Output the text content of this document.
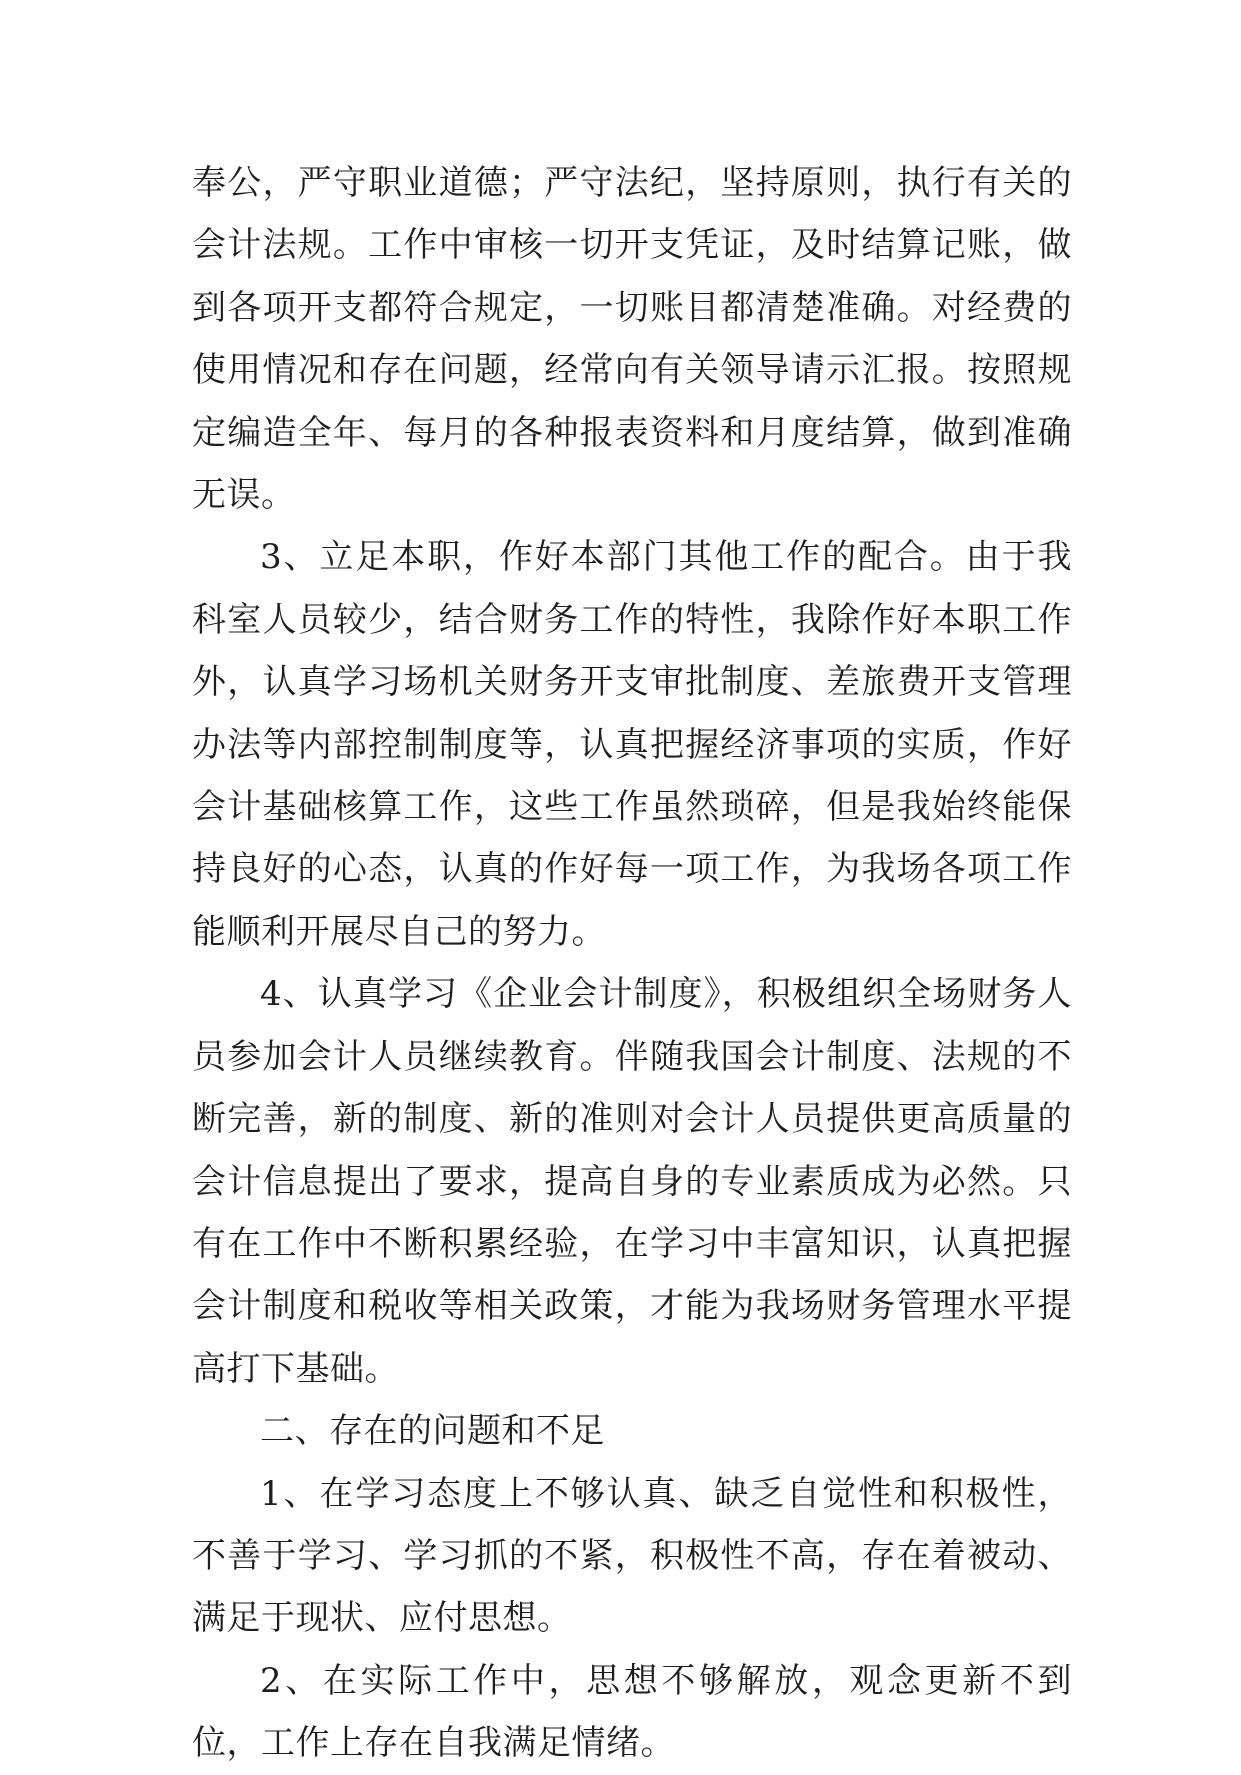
奉公，严守职业道德；严守法纪，坚持原则，执行有关的会计法规。工作中审核一切开支凭证，及时结算记账，做到各项开支都符合规定，一切账目都清楚准确。对经费的使用情况和存在问题，经常向有关领导请示汇报。按照规定编造全年、每月的各种报表资料和月度结算，做到准确无误。

3、立足本职，作好本部门其他工作的配合。由于我科室人员较少，结合财务工作的特性，我除作好本职工作外，认真学习场机关财务开支审批制度、差旅费开支管理办法等内部控制制度等，认真把握经济事项的实质，作好会计基础核算工作，这些工作虽然琐碎，但是我始终能保持良好的心态，认真的作好每一项工作，为我场各项工作能顺利开展尽自己的努力。

4、认真学习《企业会计制度》，积极组织全场财务人员参加会计人员继续教育。伴随我国会计制度、法规的不断完善，新的制度、新的准则对会计人员提供更高质量的会计信息提出了要求，提高自身的专业素质成为必然。只有在工作中不断积累经验，在学习中丰富知识，认真把握会计制度和税收等相关政策，才能为我场财务管理水平提高打下基础。

二、存在的问题和不足

1、在学习态度上不够认真、缺乏自觉性和积极性，不善于学习、学习抓的不紧，积极性不高，存在着被动、满足于现状、应付思想。

2、在实际工作中，思想不够解放，观念更新不到位，工作上存在自我满足情绪。
